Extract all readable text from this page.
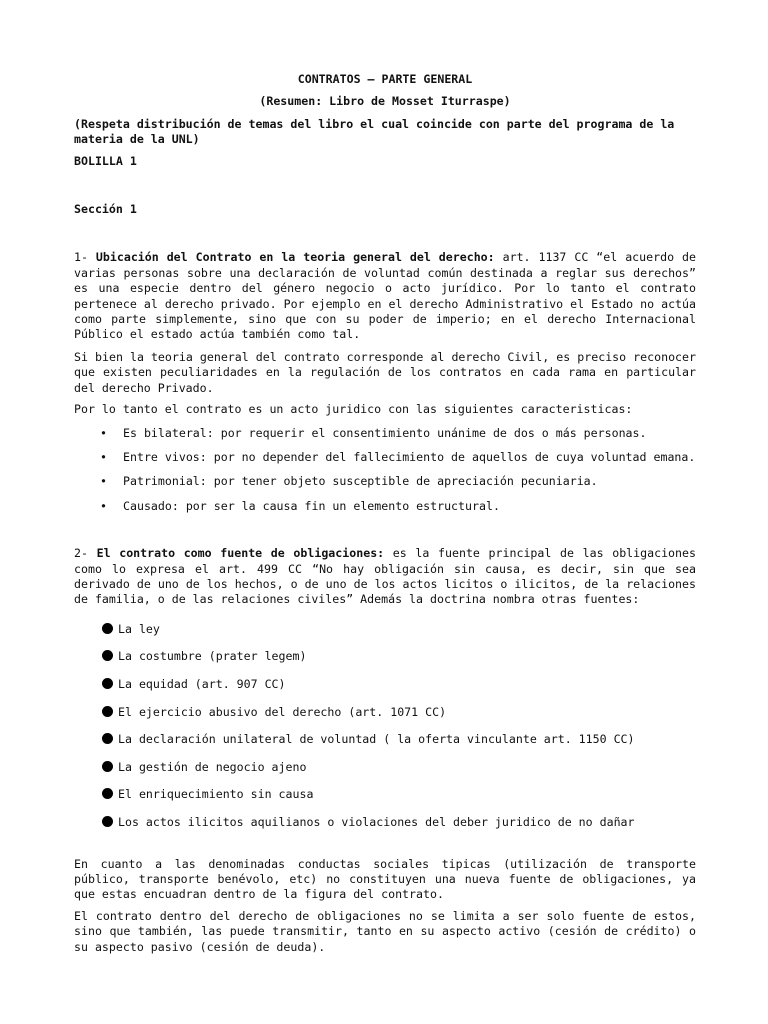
CONTRATOS – PARTE GENERAL

(Resumen: Libro de Mosset Iturraspe)

(Respeta distribución de temas del libro el cual coincide con parte del programa de la materia de la UNL)

BOLILLA 1

Sección 1

1- Ubicación del Contrato en la teoria general del derecho: art. 1137 CC “el acuerdo de varias personas sobre una declaración de voluntad común destinada a reglar sus derechos” es una especie dentro del género negocio o acto jurídico. Por lo tanto el contrato pertenece al derecho privado. Por ejemplo en el derecho Administrativo el Estado no actúa como parte simplemente, sino que con su poder de imperio; en el derecho Internacional Público el estado actúa también como tal.

Si bien la teoria general del contrato corresponde al derecho Civil, es preciso reconocer que existen peculiaridades en la regulación de los contratos en cada rama en particular del derecho Privado.

Por lo tanto el contrato es un acto juridico con las siguientes caracteristicas:

• Es bilateral: por requerir el consentimiento unánime de dos o más personas.
• Entre vivos: por no depender del fallecimiento de aquellos de cuya voluntad emana.
• Patrimonial: por tener objeto susceptible de apreciación pecuniaria.
• Causado: por ser la causa fin un elemento estructural.

2- El contrato como fuente de obligaciones: es la fuente principal de las obligaciones como lo expresa el art. 499 CC “No hay obligación sin causa, es decir, sin que sea derivado de uno de los hechos, o de uno de los actos licitos o ilicitos, de la relaciones de familia, o de las relaciones civiles” Además la doctrina nombra otras fuentes:

La ley
La costumbre (prater legem)
La equidad (art. 907 CC)
El ejercicio abusivo del derecho (art. 1071 CC)
La declaración unilateral de voluntad ( la oferta vinculante art. 1150 CC)
La gestión de negocio ajeno
El enriquecimiento sin causa
Los actos ilicitos aquilianos o violaciones del deber juridico de no dañar

En cuanto a las denominadas conductas sociales tipicas (utilización de transporte público, transporte benévolo, etc) no constituyen una nueva fuente de obligaciones, ya que estas encuadran dentro de la figura del contrato.

El contrato dentro del derecho de obligaciones no se limita a ser solo fuente de estos, sino que también, las puede transmitir, tanto en su aspecto activo (cesión de crédito) o su aspecto pasivo (cesión de deuda).
